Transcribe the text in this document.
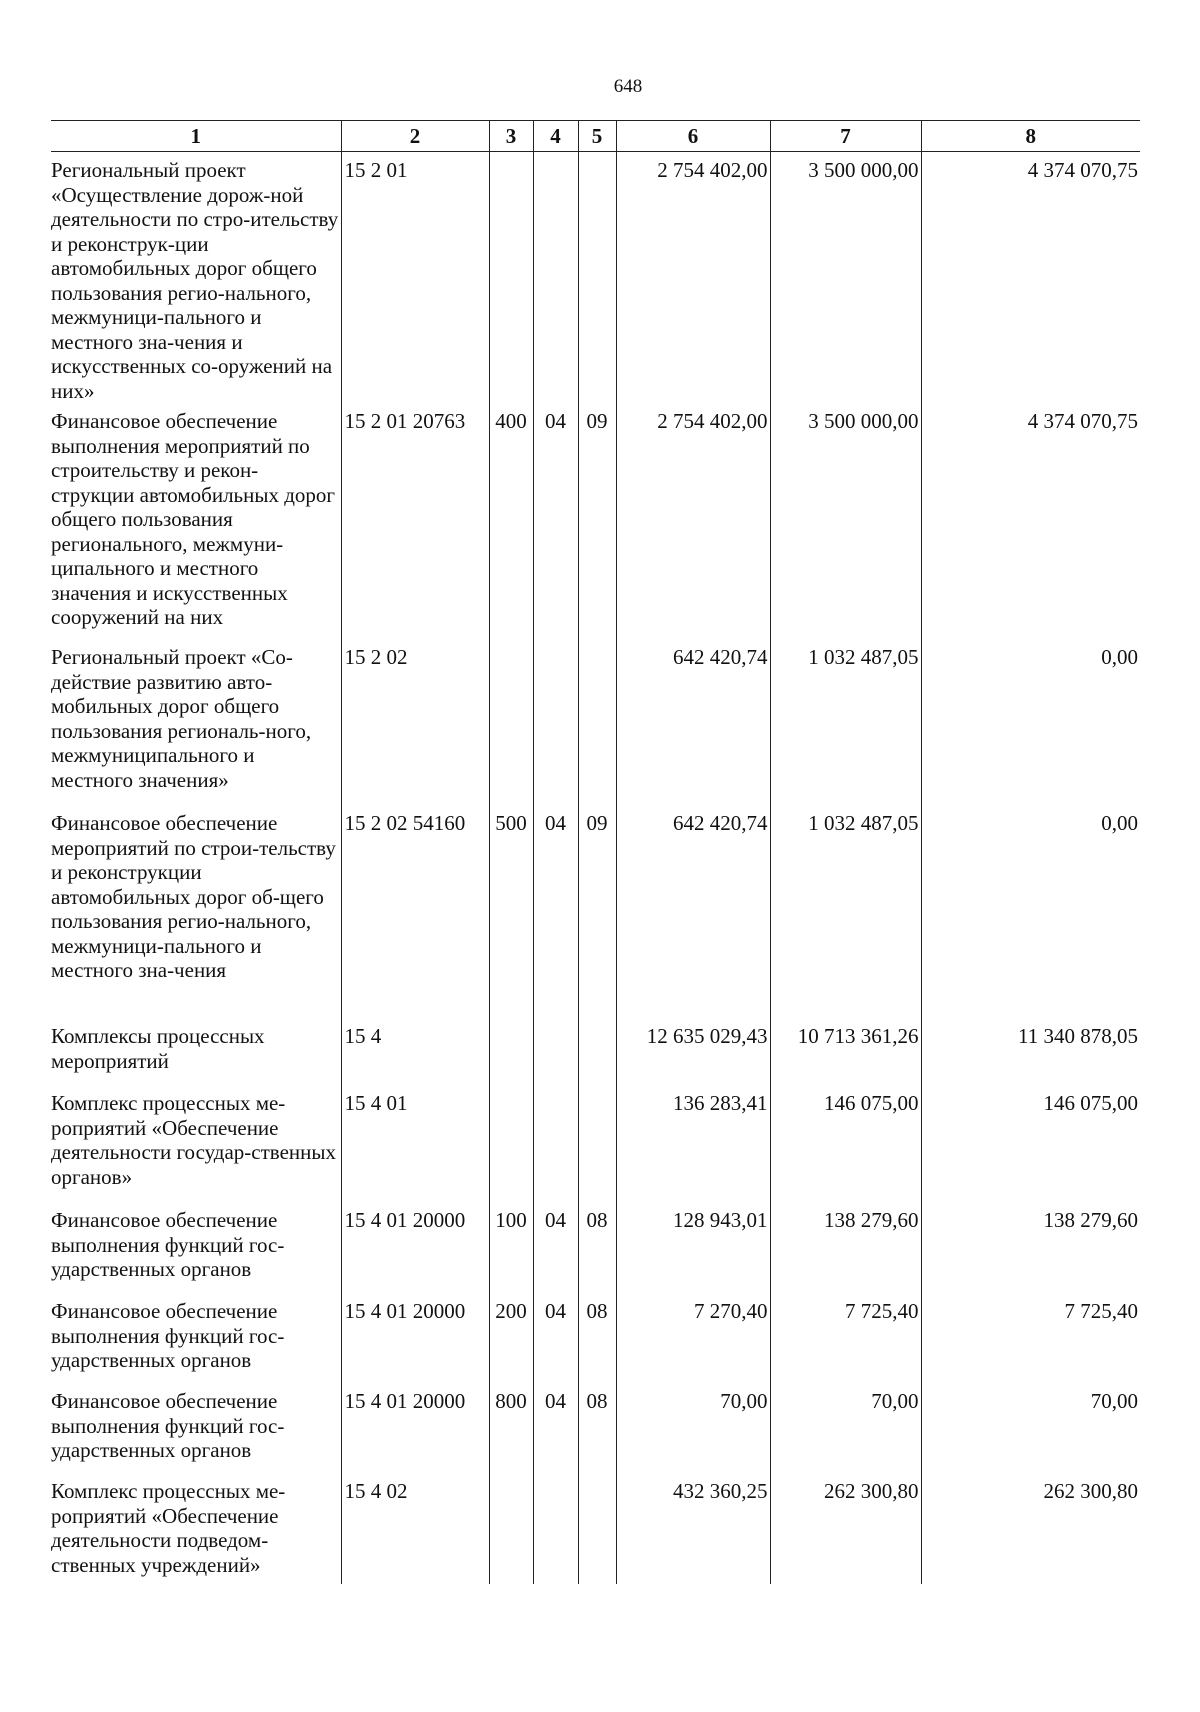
648
1	2	3	4	5	6	7	8
Региональный проект «Осуществление дорож-ной деятельности по стро-ительству и реконструк-ции автомобильных дорог общего пользования регио-нального, межмуници-пального и местного зна-чения и искусственных со-оружений на них»	15 2 01				2 754 402,00	3 500 000,00	4 374 070,75
Финансовое обеспечение выполнения мероприятий по строительству и рекон-струкции автомобильных дорог общего пользования регионального, межмуни-ципального и местного значения и искусственных сооружений на них	15 2 01 20763	400	04	09	2 754 402,00	3 500 000,00	4 374 070,75
Региональный проект «Со-действие развитию авто-мобильных дорог общего пользования региональ-ного, межмуниципального и местного значения»	15 2 02				642 420,74	1 032 487,05	0,00
Финансовое обеспечение мероприятий по строи-тельству и реконструкции автомобильных дорог об-щего пользования регио-нального, межмуници-пального и местного зна-чения	15 2 02 54160	500	04	09	642 420,74	1 032 487,05	0,00
Комплексы процессных мероприятий	15 4				12 635 029,43	10 713 361,26	11 340 878,05
Комплекс процессных ме-роприятий «Обеспечение деятельности государ-ственных органов»	15 4 01				136 283,41	146 075,00	146 075,00
Финансовое обеспечение выполнения функций гос-ударственных органов	15 4 01 20000	100	04	08	128 943,01	138 279,60	138 279,60
Финансовое обеспечение выполнения функций гос-ударственных органов	15 4 01 20000	200	04	08	7 270,40	7 725,40	7 725,40
Финансовое обеспечение выполнения функций гос-ударственных органов	15 4 01 20000	800	04	08	70,00	70,00	70,00
Комплекс процессных ме-роприятий «Обеспечение деятельности подведом-ственных учреждений»	15 4 02				432 360,25	262 300,80	262 300,80
